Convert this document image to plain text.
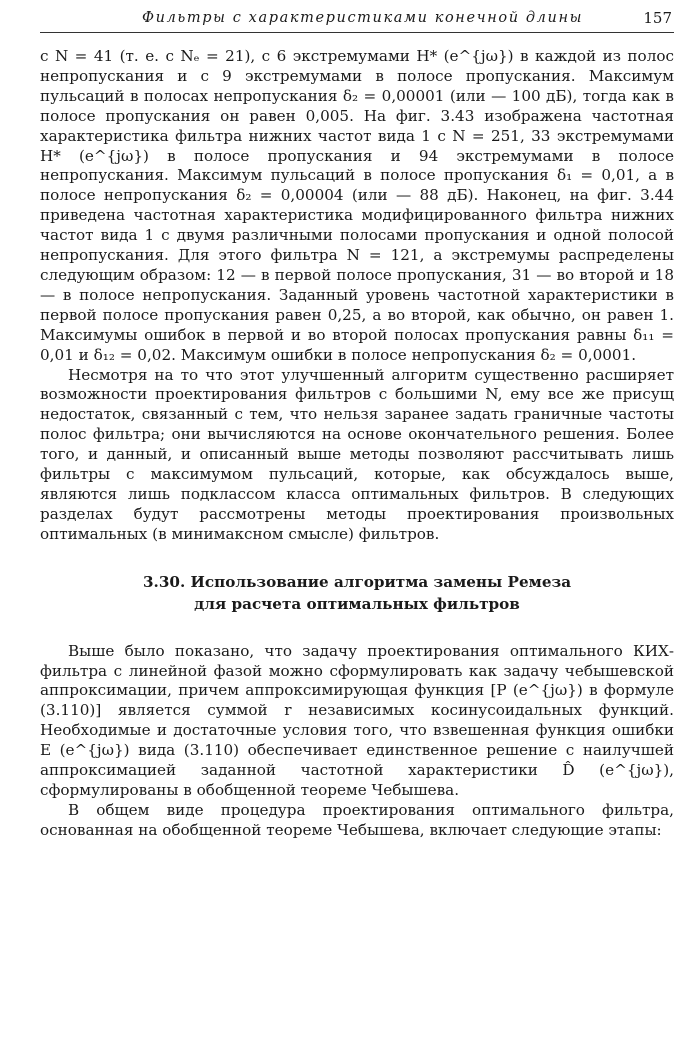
Фильтры с характеристиками конечной длины	157

с N = 41 (т. е. с Nₑ = 21), с 6 экстремумами H* (e^{jω}) в каждой из полос непропускания и с 9 экстремумами в полосе пропускания. Максимум пульсаций в полосах непропускания δ₂ = 0,00001 (или — 100 дБ), тогда как в полосе пропускания он равен 0,005. На фиг. 3.43 изображена частотная характеристика фильтра нижних частот вида 1 с N = 251, 33 экстремумами H* (e^{jω}) в полосе пропускания и 94 экстремумами в полосе непропускания. Максимум пульсаций в полосе пропускания δ₁ = 0,01, а в полосе непропускания δ₂ = 0,00004 (или — 88 дБ). Наконец, на фиг. 3.44 приведена частотная характеристика модифицированного фильтра нижних частот вида 1 с двумя различными полосами пропускания и одной полосой непропускания. Для этого фильтра N = 121, а экстремумы распределены следующим образом: 12 — в первой полосе пропускания, 31 — во второй и 18 — в полосе непропускания. Заданный уровень частотной характеристики в первой полосе пропускания равен 0,25, а во второй, как обычно, он равен 1. Максимумы ошибок в первой и во второй полосах пропускания равны δ₁₁ = 0,01 и δ₁₂ = 0,02. Максимум ошибки в полосе непропускания δ₂ = 0,0001.

Несмотря на то что этот улучшенный алгоритм существенно расширяет возможности проектирования фильтров с большими N, ему все же присущ недостаток, связанный с тем, что нельзя заранее задать граничные частоты полос фильтра; они вычисляются на основе окончательного решения. Более того, и данный, и описанный выше методы позволяют рассчитывать лишь фильтры с максимумом пульсаций, которые, как обсуждалось выше, являются лишь подклассом класса оптимальных фильтров. В следующих разделах будут рассмотрены методы проектирования произвольных оптимальных (в минимаксном смысле) фильтров.

3.30. Использование алгоритма замены Ремеза
для расчета оптимальных фильтров

Выше было показано, что задачу проектирования оптимального КИХ-фильтра с линейной фазой можно сформулировать как задачу чебышевской аппроксимации, причем аппроксимирующая функция [P (e^{jω}) в формуле (3.110)] является суммой r независимых косинусоидальных функций. Необходимые и достаточные условия того, что взвешенная функция ошибки E (e^{jω}) вида (3.110) обеспечивает единственное решение с наилучшей аппроксимацией заданной частотной характеристики D̂ (e^{jω}), сформулированы в обобщенной теореме Чебышева.

В общем виде процедура проектирования оптимального фильтра, основанная на обобщенной теореме Чебышева, включает следующие этапы:
